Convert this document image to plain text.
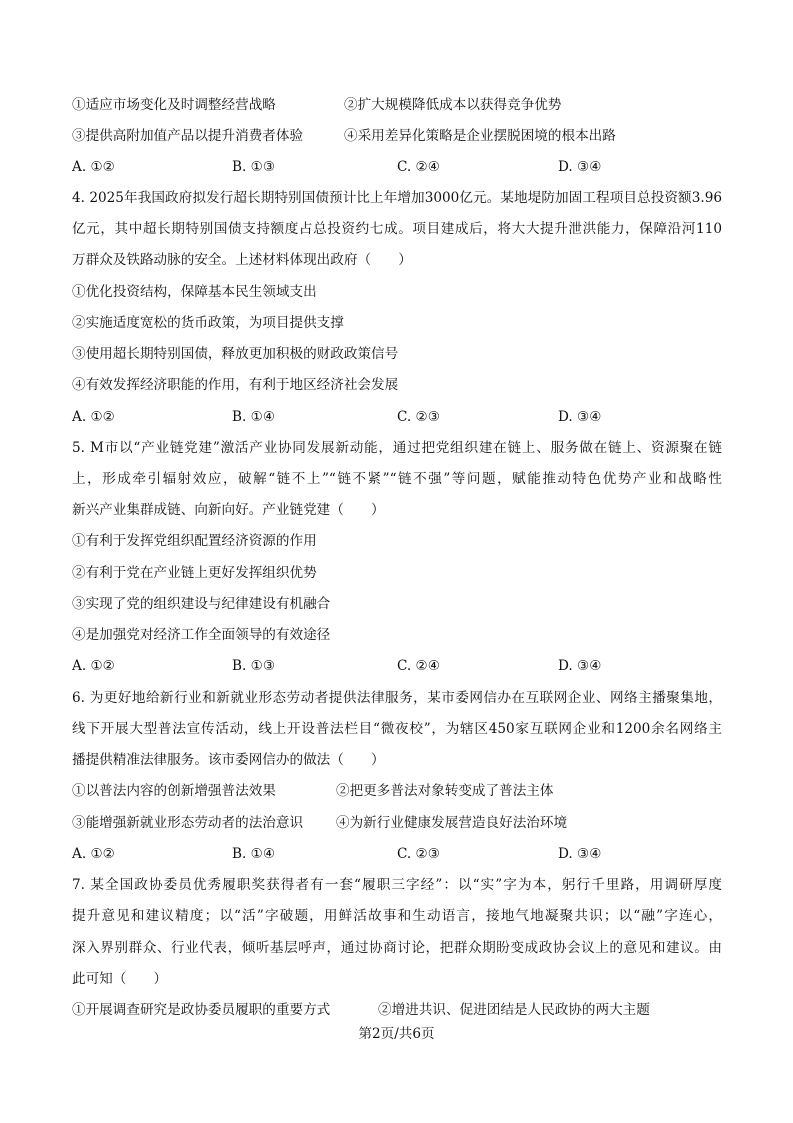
①适应市场变化及时调整经营战略	②扩大规模降低成本以获得竞争优势
③提供高附加值产品以提升消费者体验	④采用差异化策略是企业摆脱困境的根本出路
A. ①②	B. ①③	C. ②④	D. ③④
4. 2025年我国政府拟发行超长期特别国债预计比上年增加3000亿元。某地堤防加固工程项目总投资额3.96
亿元，其中超长期特别国债支持额度占总投资约七成。项目建成后，将大大提升泄洪能力，保障沿河110
万群众及铁路动脉的安全。上述材料体现出政府（　　）
①优化投资结构，保障基本民生领域支出
②实施适度宽松的货币政策，为项目提供支撑
③使用超长期特别国债，释放更加积极的财政政策信号
④有效发挥经济职能的作用，有利于地区经济社会发展
A. ①②	B. ①④	C. ②③	D. ③④
5. M市以“产业链党建”激活产业协同发展新动能，通过把党组织建在链上、服务做在链上、资源聚在链
上，形成牵引辐射效应，破解“链不上”“链不紧”“链不强”等问题，赋能推动特色优势产业和战略性
新兴产业集群成链、向新向好。产业链党建（　　）
①有利于发挥党组织配置经济资源的作用
②有利于党在产业链上更好发挥组织优势
③实现了党的组织建设与纪律建设有机融合
④是加强党对经济工作全面领导的有效途径
A. ①②	B. ①③	C. ②④	D. ③④
6. 为更好地给新行业和新就业形态劳动者提供法律服务，某市委网信办在互联网企业、网络主播聚集地，
线下开展大型普法宣传活动，线上开设普法栏目“微夜校”，为辖区450家互联网企业和1200余名网络主
播提供精准法律服务。该市委网信办的做法（　　）
①以普法内容的创新增强普法效果	②把更多普法对象转变成了普法主体
③能增强新就业形态劳动者的法治意识 ④为新行业健康发展营造良好法治环境
A. ①②	B. ①④	C. ②③	D. ③④
7. 某全国政协委员优秀履职奖获得者有一套“履职三字经”：以“实”字为本，躬行千里路，用调研厚度
提升意见和建议精度；以“活”字破题，用鲜活故事和生动语言，接地气地凝聚共识；以“融”字连心，
深入界别群众、行业代表，倾听基层呼声，通过协商讨论，把群众期盼变成政协会议上的意见和建议。由
此可知（　　）
①开展调查研究是政协委员履职的重要方式	②增进共识、促进团结是人民政协的两大主题
第2页/共6页
